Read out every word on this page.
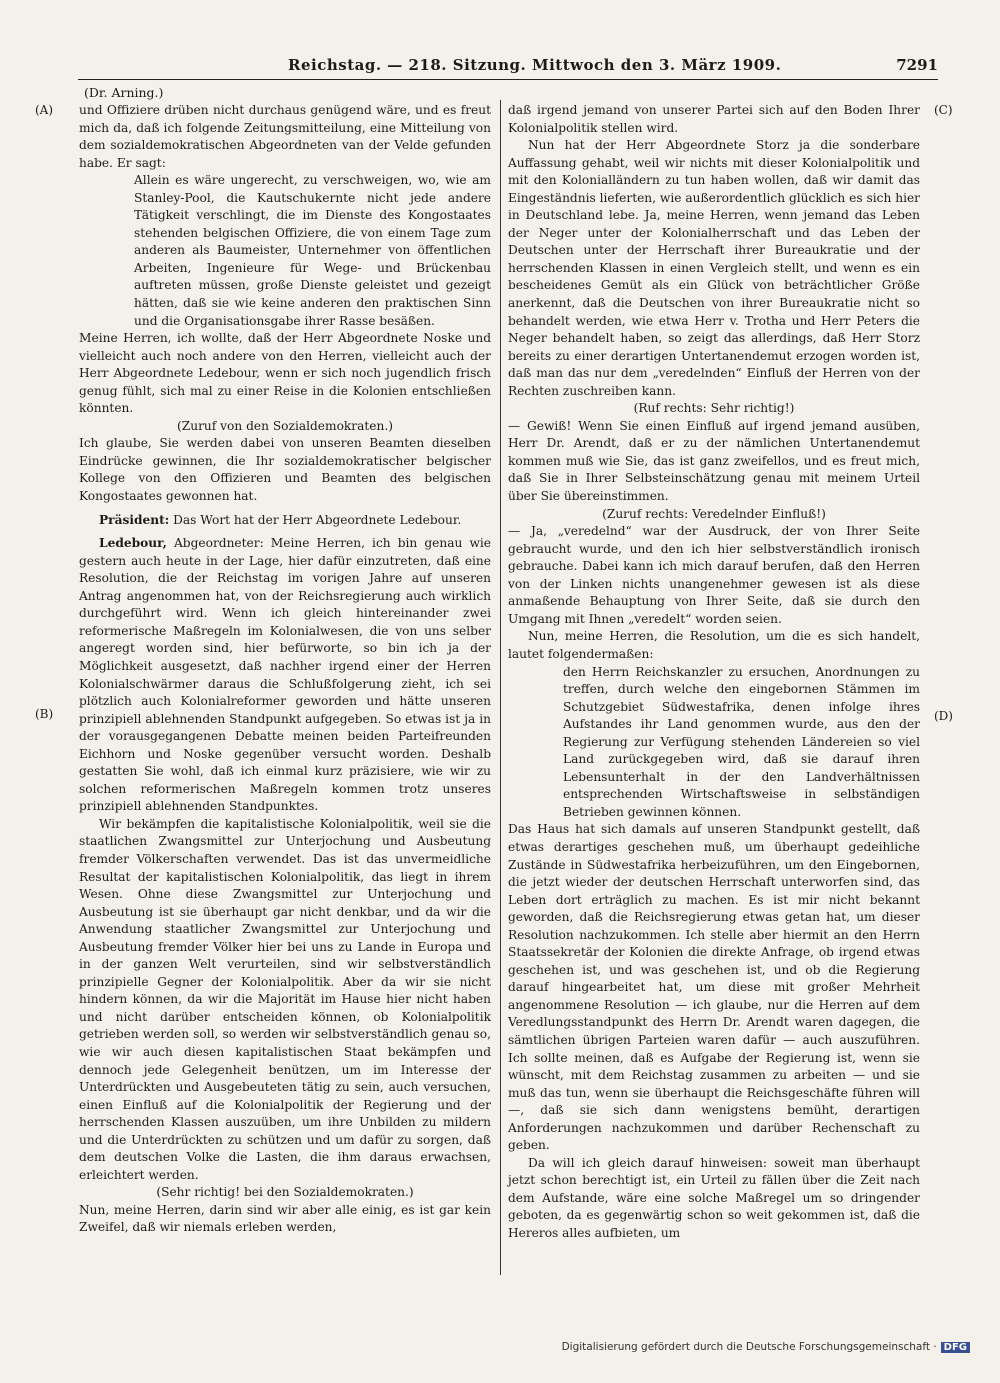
Reichstag. — 218. Sitzung. Mittwoch den 3. März 1909.	7291
(Dr. Arning.)
(A)
(B)
(C)
(D)

und Offiziere drüben nicht durchaus genügend wäre, und es freut mich da, daß ich folgende Zeitungsmitteilung, eine Mitteilung von dem sozialdemokratischen Abgeordneten van der Velde gefunden habe. Er sagt:

Allein es wäre ungerecht, zu verschweigen, wo, wie am Stanley-Pool, die Kautschukernte nicht jede andere Tätigkeit verschlingt, die im Dienste des Kongostaates stehenden belgischen Offiziere, die von einem Tage zum anderen als Baumeister, Unternehmer von öffentlichen Arbeiten, Ingenieure für Wege- und Brückenbau auftreten müssen, große Dienste geleistet und gezeigt hätten, daß sie wie keine anderen den praktischen Sinn und die Organisationsgabe ihrer Rasse besäßen.

Meine Herren, ich wollte, daß der Herr Abgeordnete Noske und vielleicht auch noch andere von den Herren, vielleicht auch der Herr Abgeordnete Ledebour, wenn er sich noch jugendlich frisch genug fühlt, sich mal zu einer Reise in die Kolonien entschließen könnten.

(Zuruf von den Sozialdemokraten.)

Ich glaube, Sie werden dabei von unseren Beamten dieselben Eindrücke gewinnen, die Ihr sozialdemokratischer belgischer Kollege von den Offizieren und Beamten des belgischen Kongostaates gewonnen hat.

Präsident: Das Wort hat der Herr Abgeordnete Ledebour.

Ledebour, Abgeordneter: Meine Herren, ich bin genau wie gestern auch heute in der Lage, hier dafür einzutreten, daß eine Resolution, die der Reichstag im vorigen Jahre auf unseren Antrag angenommen hat, von der Reichsregierung auch wirklich durchgeführt wird. Wenn ich gleich hintereinander zwei reformerische Maßregeln im Kolonialwesen, die von uns selber angeregt worden sind, hier befürworte, so bin ich ja der Möglichkeit ausgesetzt, daß nachher irgend einer der Herren Kolonialschwärmer daraus die Schlußfolgerung zieht, ich sei plötzlich auch Kolonialreformer geworden und hätte unseren prinzipiell ablehnenden Standpunkt aufgegeben. So etwas ist ja in der vorausgegangenen Debatte meinen beiden Parteifreunden Eichhorn und Noske gegenüber versucht worden. Deshalb gestatten Sie wohl, daß ich einmal kurz präzisiere, wie wir zu solchen reformerischen Maßregeln kommen trotz unseres prinzipiell ablehnenden Standpunktes.

Wir bekämpfen die kapitalistische Kolonialpolitik, weil sie die staatlichen Zwangsmittel zur Unterjochung und Ausbeutung fremder Völkerschaften verwendet. Das ist das unvermeidliche Resultat der kapitalistischen Kolonialpolitik, das liegt in ihrem Wesen. Ohne diese Zwangsmittel zur Unterjochung und Ausbeutung ist sie überhaupt gar nicht denkbar, und da wir die Anwendung staatlicher Zwangsmittel zur Unterjochung und Ausbeutung fremder Völker hier bei uns zu Lande in Europa und in der ganzen Welt verurteilen, sind wir selbstverständlich prinzipielle Gegner der Kolonialpolitik. Aber da wir sie nicht hindern können, da wir die Majorität im Hause hier nicht haben und nicht darüber entscheiden können, ob Kolonialpolitik getrieben werden soll, so werden wir selbstverständlich genau so, wie wir auch diesen kapitalistischen Staat bekämpfen und dennoch jede Gelegenheit benützen, um im Interesse der Unterdrückten und Ausgebeuteten tätig zu sein, auch versuchen, einen Einfluß auf die Kolonialpolitik der Regierung und der herrschenden Klassen auszuüben, um ihre Unbilden zu mildern und die Unterdrückten zu schützen und um dafür zu sorgen, daß dem deutschen Volke die Lasten, die ihm daraus erwachsen, erleichtert werden.

(Sehr richtig! bei den Sozialdemokraten.)

Nun, meine Herren, darin sind wir aber alle einig, es ist gar kein Zweifel, daß wir niemals erleben werden,

daß irgend jemand von unserer Partei sich auf den Boden Ihrer Kolonialpolitik stellen wird.

Nun hat der Herr Abgeordnete Storz ja die sonderbare Auffassung gehabt, weil wir nichts mit dieser Kolonialpolitik und mit den Kolonialländern zu tun haben wollen, daß wir damit das Eingeständnis lieferten, wie außerordentlich glücklich es sich hier in Deutschland lebe. Ja, meine Herren, wenn jemand das Leben der Neger unter der Kolonialherrschaft und das Leben der Deutschen unter der Herrschaft ihrer Bureaukratie und der herrschenden Klassen in einen Vergleich stellt, und wenn es ein bescheidenes Gemüt als ein Glück von beträchtlicher Größe anerkennt, daß die Deutschen von ihrer Bureaukratie nicht so behandelt werden, wie etwa Herr v. Trotha und Herr Peters die Neger behandelt haben, so zeigt das allerdings, daß Herr Storz bereits zu einer derartigen Untertanendemut erzogen worden ist, daß man das nur dem „veredelnden“ Einfluß der Herren von der Rechten zuschreiben kann.

(Ruf rechts: Sehr richtig!)

— Gewiß! Wenn Sie einen Einfluß auf irgend jemand ausüben, Herr Dr. Arendt, daß er zu der nämlichen Untertanendemut kommen muß wie Sie, das ist ganz zweifellos, und es freut mich, daß Sie in Ihrer Selbsteinschätzung genau mit meinem Urteil über Sie übereinstimmen.

(Zuruf rechts: Veredelnder Einfluß!)

— Ja, „veredelnd“ war der Ausdruck, der von Ihrer Seite gebraucht wurde, und den ich hier selbstverständlich ironisch gebrauche. Dabei kann ich mich darauf berufen, daß den Herren von der Linken nichts unangenehmer gewesen ist als diese anmaßende Behauptung von Ihrer Seite, daß sie durch den Umgang mit Ihnen „veredelt“ worden seien.

Nun, meine Herren, die Resolution, um die es sich handelt, lautet folgendermaßen:

den Herrn Reichskanzler zu ersuchen, Anordnungen zu treffen, durch welche den eingebornen Stämmen im Schutzgebiet Südwestafrika, denen infolge ihres Aufstandes ihr Land genommen wurde, aus den der Regierung zur Verfügung stehenden Ländereien so viel Land zurückgegeben wird, daß sie darauf ihren Lebensunterhalt in der den Landverhältnissen entsprechenden Wirtschaftsweise in selbständigen Betrieben gewinnen können.

Das Haus hat sich damals auf unseren Standpunkt gestellt, daß etwas derartiges geschehen muß, um überhaupt gedeihliche Zustände in Südwestafrika herbeizuführen, um den Eingebornen, die jetzt wieder der deutschen Herrschaft unterworfen sind, das Leben dort erträglich zu machen. Es ist mir nicht bekannt geworden, daß die Reichsregierung etwas getan hat, um dieser Resolution nachzukommen. Ich stelle aber hiermit an den Herrn Staatssekretär der Kolonien die direkte Anfrage, ob irgend etwas geschehen ist, und was geschehen ist, und ob die Regierung darauf hingearbeitet hat, um diese mit großer Mehrheit angenommene Resolution — ich glaube, nur die Herren auf dem Veredlungsstandpunkt des Herrn Dr. Arendt waren dagegen, die sämtlichen übrigen Parteien waren dafür — auch auszuführen. Ich sollte meinen, daß es Aufgabe der Regierung ist, wenn sie wünscht, mit dem Reichstag zusammen zu arbeiten — und sie muß das tun, wenn sie überhaupt die Reichsgeschäfte führen will —, daß sie sich dann wenigstens bemüht, derartigen Anforderungen nachzukommen und darüber Rechenschaft zu geben.

Da will ich gleich darauf hinweisen: soweit man überhaupt jetzt schon berechtigt ist, ein Urteil zu fällen über die Zeit nach dem Aufstande, wäre eine solche Maßregel um so dringender geboten, da es gegenwärtig schon so weit gekommen ist, daß die Hereros alles aufbieten, um

Digitalisierung gefördert durch die Deutsche Forschungsgemeinschaft · DFG
